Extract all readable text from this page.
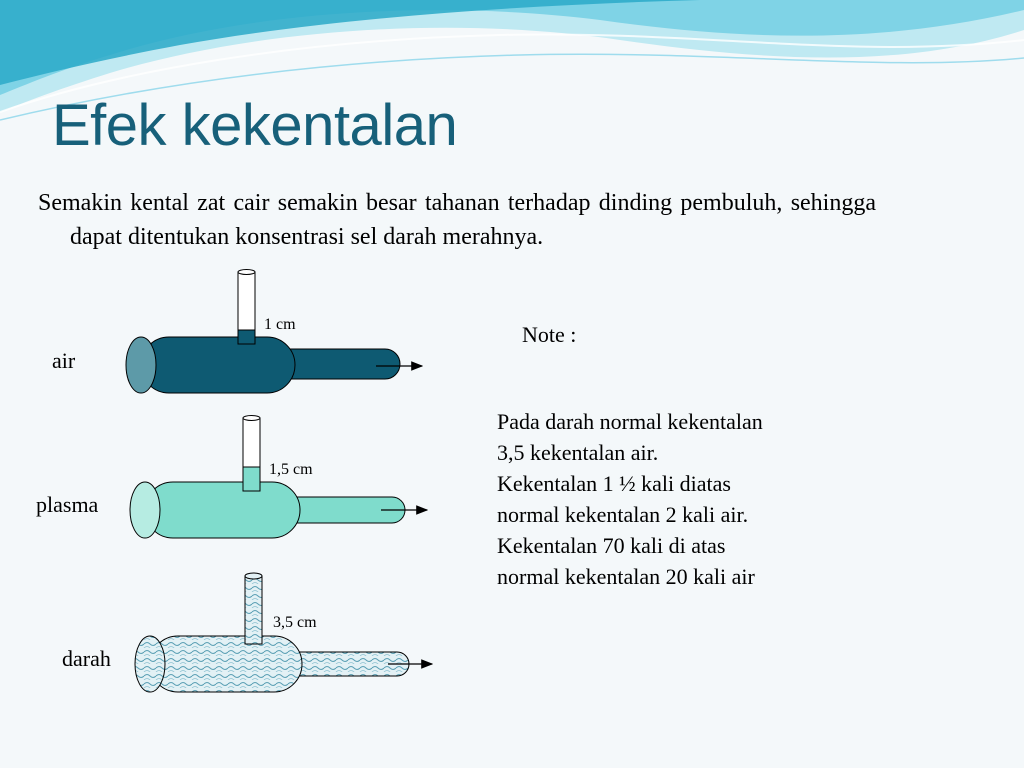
Efek kekentalan

Semakin kental zat cair semakin besar tahanan terhadap dinding pembuluh, sehingga dapat ditentukan konsentrasi sel darah merahnya.

1 cm
air
1,5 cm
plasma
3,5 cm
darah

Note :

Pada darah normal kekentalan
3,5 kekentalan air.
Kekentalan 1 ½ kali diatas
normal kekentalan 2 kali air.
Kekentalan 70 kali di atas
normal kekentalan 20 kali air
